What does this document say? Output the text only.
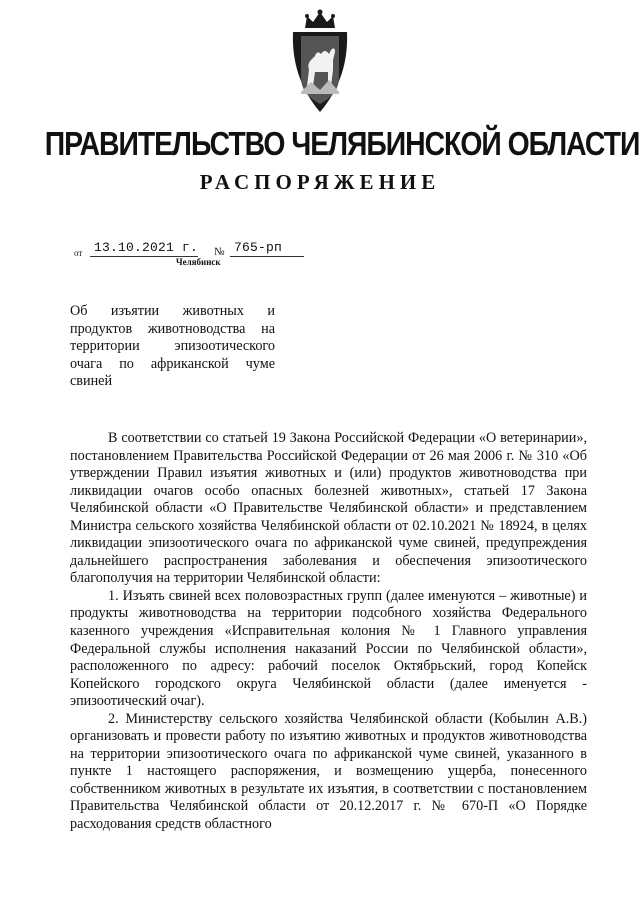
ПРАВИТЕЛЬСТВО ЧЕЛЯБИНСКОЙ ОБЛАСТИ
РАСПОРЯЖЕНИЕ
от 13.10.2021 г. № 765-рп
Челябинск

Об изъятии животных и продуктов животноводства на территории эпизоотического очага по африканской чуме свиней

В соответствии со статьей 19 Закона Российской Федерации «О ветеринарии», постановлением Правительства Российской Федерации от 26 мая 2006 г. № 310 «Об утверждении Правил изъятия животных и (или) продуктов животноводства при ликвидации очагов особо опасных болезней животных», статьей 17 Закона Челябинской области «О Правительстве Челябинской области» и представлением Министра сельского хозяйства Челябинской области от 02.10.2021 № 18924, в целях ликвидации эпизоотического очага по африканской чуме свиней, предупреждения дальнейшего распространения заболевания и обеспечения эпизоотического благополучия на территории Челябинской области:

1. Изъять свиней всех половозрастных групп (далее именуются – животные) и продукты животноводства на территории подсобного хозяйства Федерального казенного учреждения «Исправительная колония № 1 Главного управления Федеральной службы исполнения наказаний России по Челябинской области», расположенного по адресу: рабочий поселок Октябрьский, город Копейск Копейского городского округа Челябинской области (далее именуется - эпизоотический очаг).

2. Министерству сельского хозяйства Челябинской области (Кобылин А.В.) организовать и провести работу по изъятию животных и продуктов животноводства на территории эпизоотического очага по африканской чуме свиней, указанного в пункте 1 настоящего распоряжения, и возмещению ущерба, понесенного собственником животных в результате их изъятия, в соответствии с постановлением Правительства Челябинской области от 20.12.2017 г. № 670-П «О Порядке расходования средств областного
